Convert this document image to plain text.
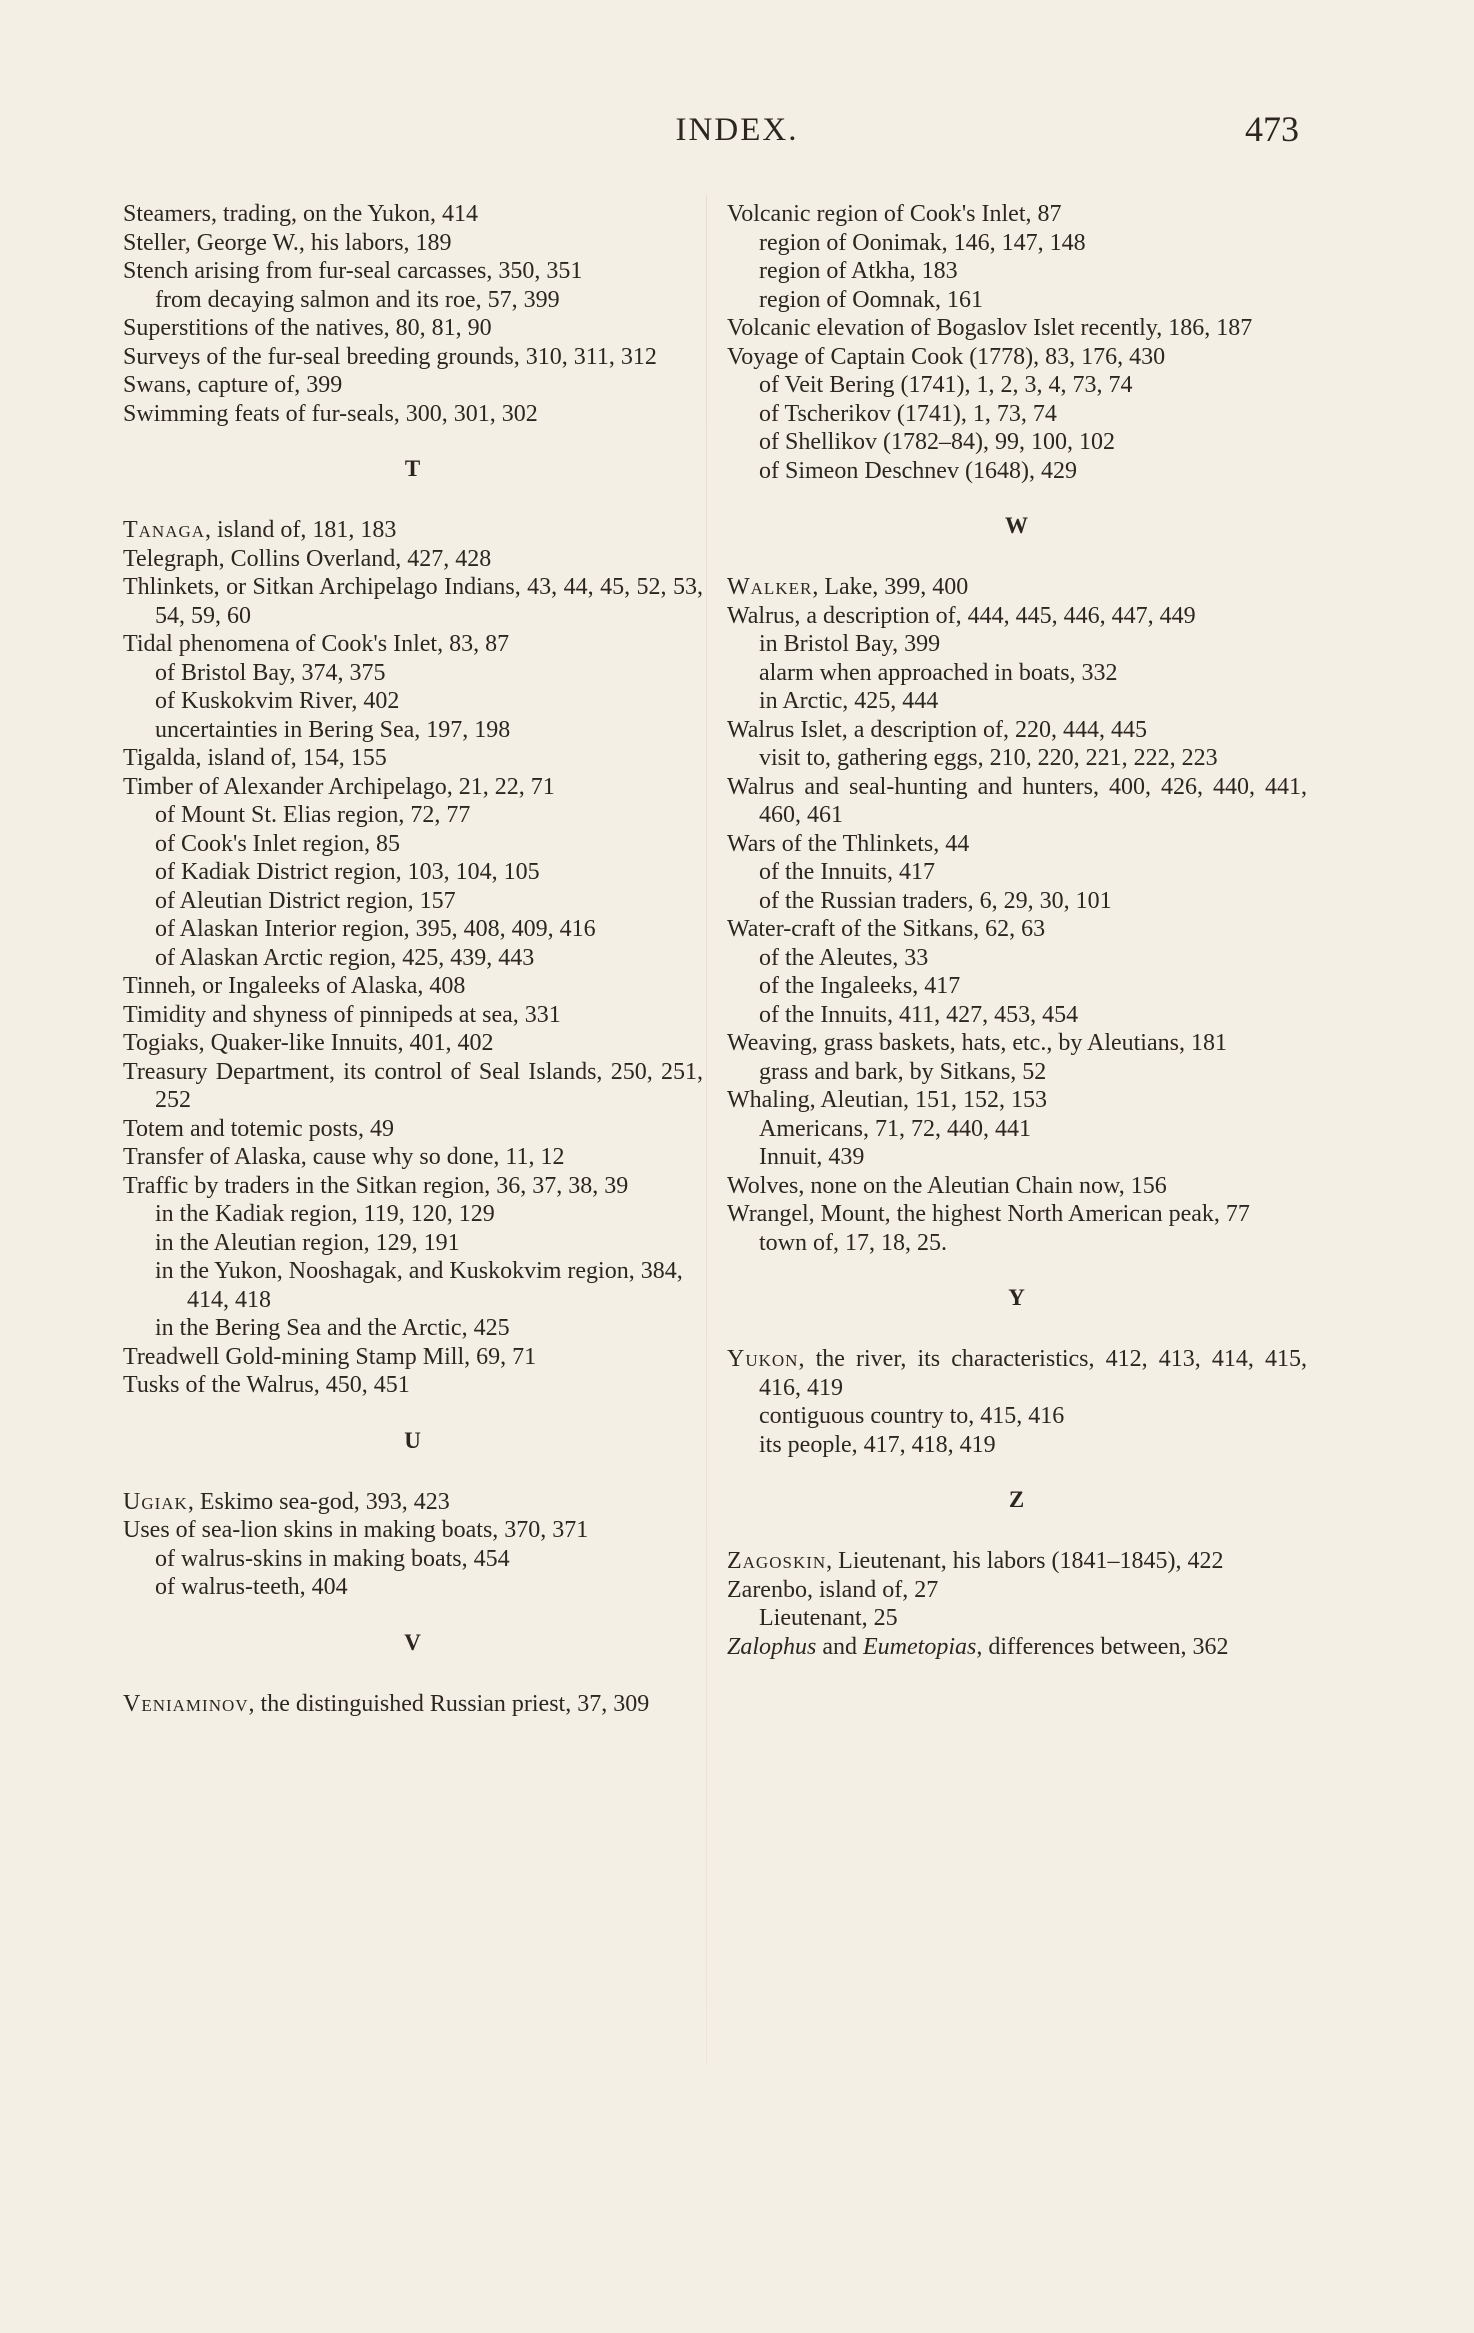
INDEX.	473
Steamers, trading, on the Yukon, 414
Steller, George W., his labors, 189
Stench arising from fur-seal carcasses, 350, 351
from decaying salmon and its roe, 57, 399
Superstitions of the natives, 80, 81, 90
Surveys of the fur-seal breeding grounds, 310, 311, 312
Swans, capture of, 399
Swimming feats of fur-seals, 300, 301, 302
T
Tanaga, island of, 181, 183
Telegraph, Collins Overland, 427, 428
Thlinkets, or Sitkan Archipelago Indians, 43, 44, 45, 52, 53, 54, 59, 60
Tidal phenomena of Cook's Inlet, 83, 87
of Bristol Bay, 374, 375
of Kuskokvim River, 402
uncertainties in Bering Sea, 197, 198
Tigalda, island of, 154, 155
Timber of Alexander Archipelago, 21, 22, 71
of Mount St. Elias region, 72, 77
of Cook's Inlet region, 85
of Kadiak District region, 103, 104, 105
of Aleutian District region, 157
of Alaskan Interior region, 395, 408, 409, 416
of Alaskan Arctic region, 425, 439, 443
Tinneh, or Ingaleeks of Alaska, 408
Timidity and shyness of pinnipeds at sea, 331
Togiaks, Quaker-like Innuits, 401, 402
Treasury Department, its control of Seal Islands, 250, 251, 252
Totem and totemic posts, 49
Transfer of Alaska, cause why so done, 11, 12
Traffic by traders in the Sitkan region, 36, 37, 38, 39
in the Kadiak region, 119, 120, 129
in the Aleutian region, 129, 191
in the Yukon, Nooshagak, and Kuskokvim region, 384, 414, 418
in the Bering Sea and the Arctic, 425
Treadwell Gold-mining Stamp Mill, 69, 71
Tusks of the Walrus, 450, 451
U
Ugiak, Eskimo sea-god, 393, 423
Uses of sea-lion skins in making boats, 370, 371
of walrus-skins in making boats, 454
of walrus-teeth, 404
V
Veniaminov, the distinguished Russian priest, 37, 309
Volcanic region of Cook's Inlet, 87
region of Oonimak, 146, 147, 148
region of Atkha, 183
region of Oomnak, 161
Volcanic elevation of Bogaslov Islet recently, 186, 187
Voyage of Captain Cook (1778), 83, 176, 430
of Veit Bering (1741), 1, 2, 3, 4, 73, 74
of Tscherikov (1741), 1, 73, 74
of Shellikov (1782–84), 99, 100, 102
of Simeon Deschnev (1648), 429
W
Walker, Lake, 399, 400
Walrus, a description of, 444, 445, 446, 447, 449
in Bristol Bay, 399
alarm when approached in boats, 332
in Arctic, 425, 444
Walrus Islet, a description of, 220, 444, 445
visit to, gathering eggs, 210, 220, 221, 222, 223
Walrus and seal-hunting and hunters, 400, 426, 440, 441, 460, 461
Wars of the Thlinkets, 44
of the Innuits, 417
of the Russian traders, 6, 29, 30, 101
Water-craft of the Sitkans, 62, 63
of the Aleutes, 33
of the Ingaleeks, 417
of the Innuits, 411, 427, 453, 454
Weaving, grass baskets, hats, etc., by Aleutians, 181
grass and bark, by Sitkans, 52
Whaling, Aleutian, 151, 152, 153
Americans, 71, 72, 440, 441
Innuit, 439
Wolves, none on the Aleutian Chain now, 156
Wrangel, Mount, the highest North American peak, 77
town of, 17, 18, 25.
Y
Yukon, the river, its characteristics, 412, 413, 414, 415, 416, 419
contiguous country to, 415, 416
its people, 417, 418, 419
Z
Zagoskin, Lieutenant, his labors (1841–1845), 422
Zarenbo, island of, 27
Lieutenant, 25
Zalophus and Eumetopias, differences between, 362
